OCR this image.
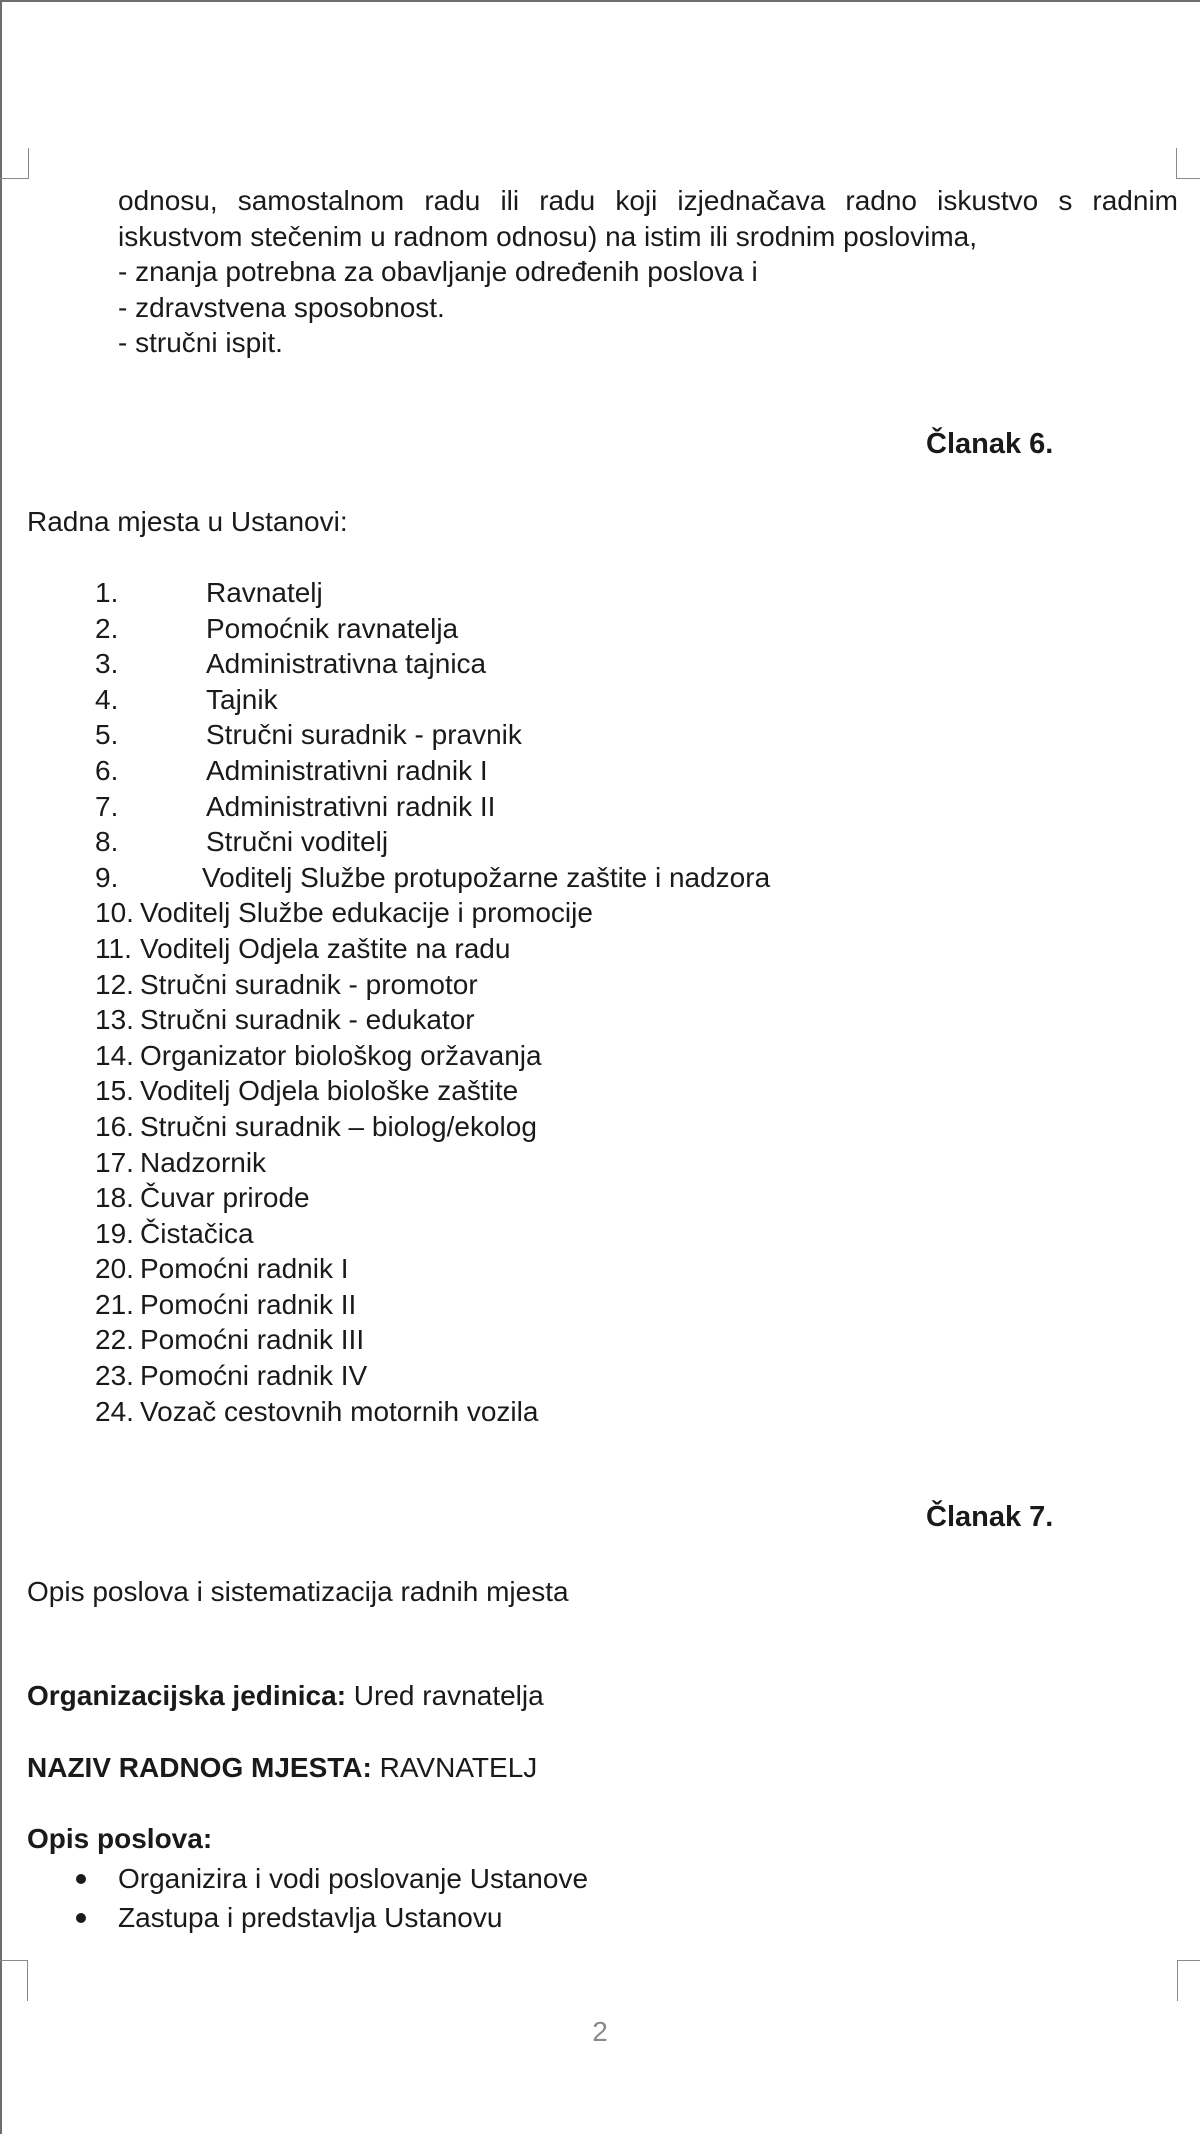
odnosu, samostalnom radu ili radu koji izjednačava radno iskustvo s radnim
iskustvom stečenim u radnom odnosu) na istim ili srodnim poslovima,
- znanja potrebna za obavljanje određenih poslova i
- zdravstvena sposobnost.
- stručni ispit.
Članak 6.
Radna mjesta u Ustanovi:
1.	Ravnatelj
2.	Pomoćnik ravnatelja
3.	Administrativna tajnica
4.	Tajnik
5.	Stručni suradnik - pravnik
6.	Administrativni radnik I
7.	Administrativni radnik II
8.	Stručni voditelj
9.	Voditelj Službe protupožarne zaštite i nadzora
10. Voditelj Službe edukacije i promocije
11. Voditelj Odjela zaštite na radu
12. Stručni suradnik - promotor
13. Stručni suradnik - edukator
14. Organizator biološkog oržavanja
15. Voditelj Odjela biološke zaštite
16. Stručni suradnik – biolog/ekolog
17. Nadzornik
18. Čuvar prirode
19. Čistačica
20. Pomoćni radnik I
21. Pomoćni radnik II
22. Pomoćni radnik III
23. Pomoćni radnik IV
24. Vozač cestovnih motornih vozila
Članak 7.
Opis poslova i sistematizacija radnih mjesta
Organizacijska jedinica: Ured ravnatelja
NAZIV RADNOG MJESTA: RAVNATELJ
Opis poslova:
Organizira i vodi poslovanje Ustanove
Zastupa i predstavlja Ustanovu
2
